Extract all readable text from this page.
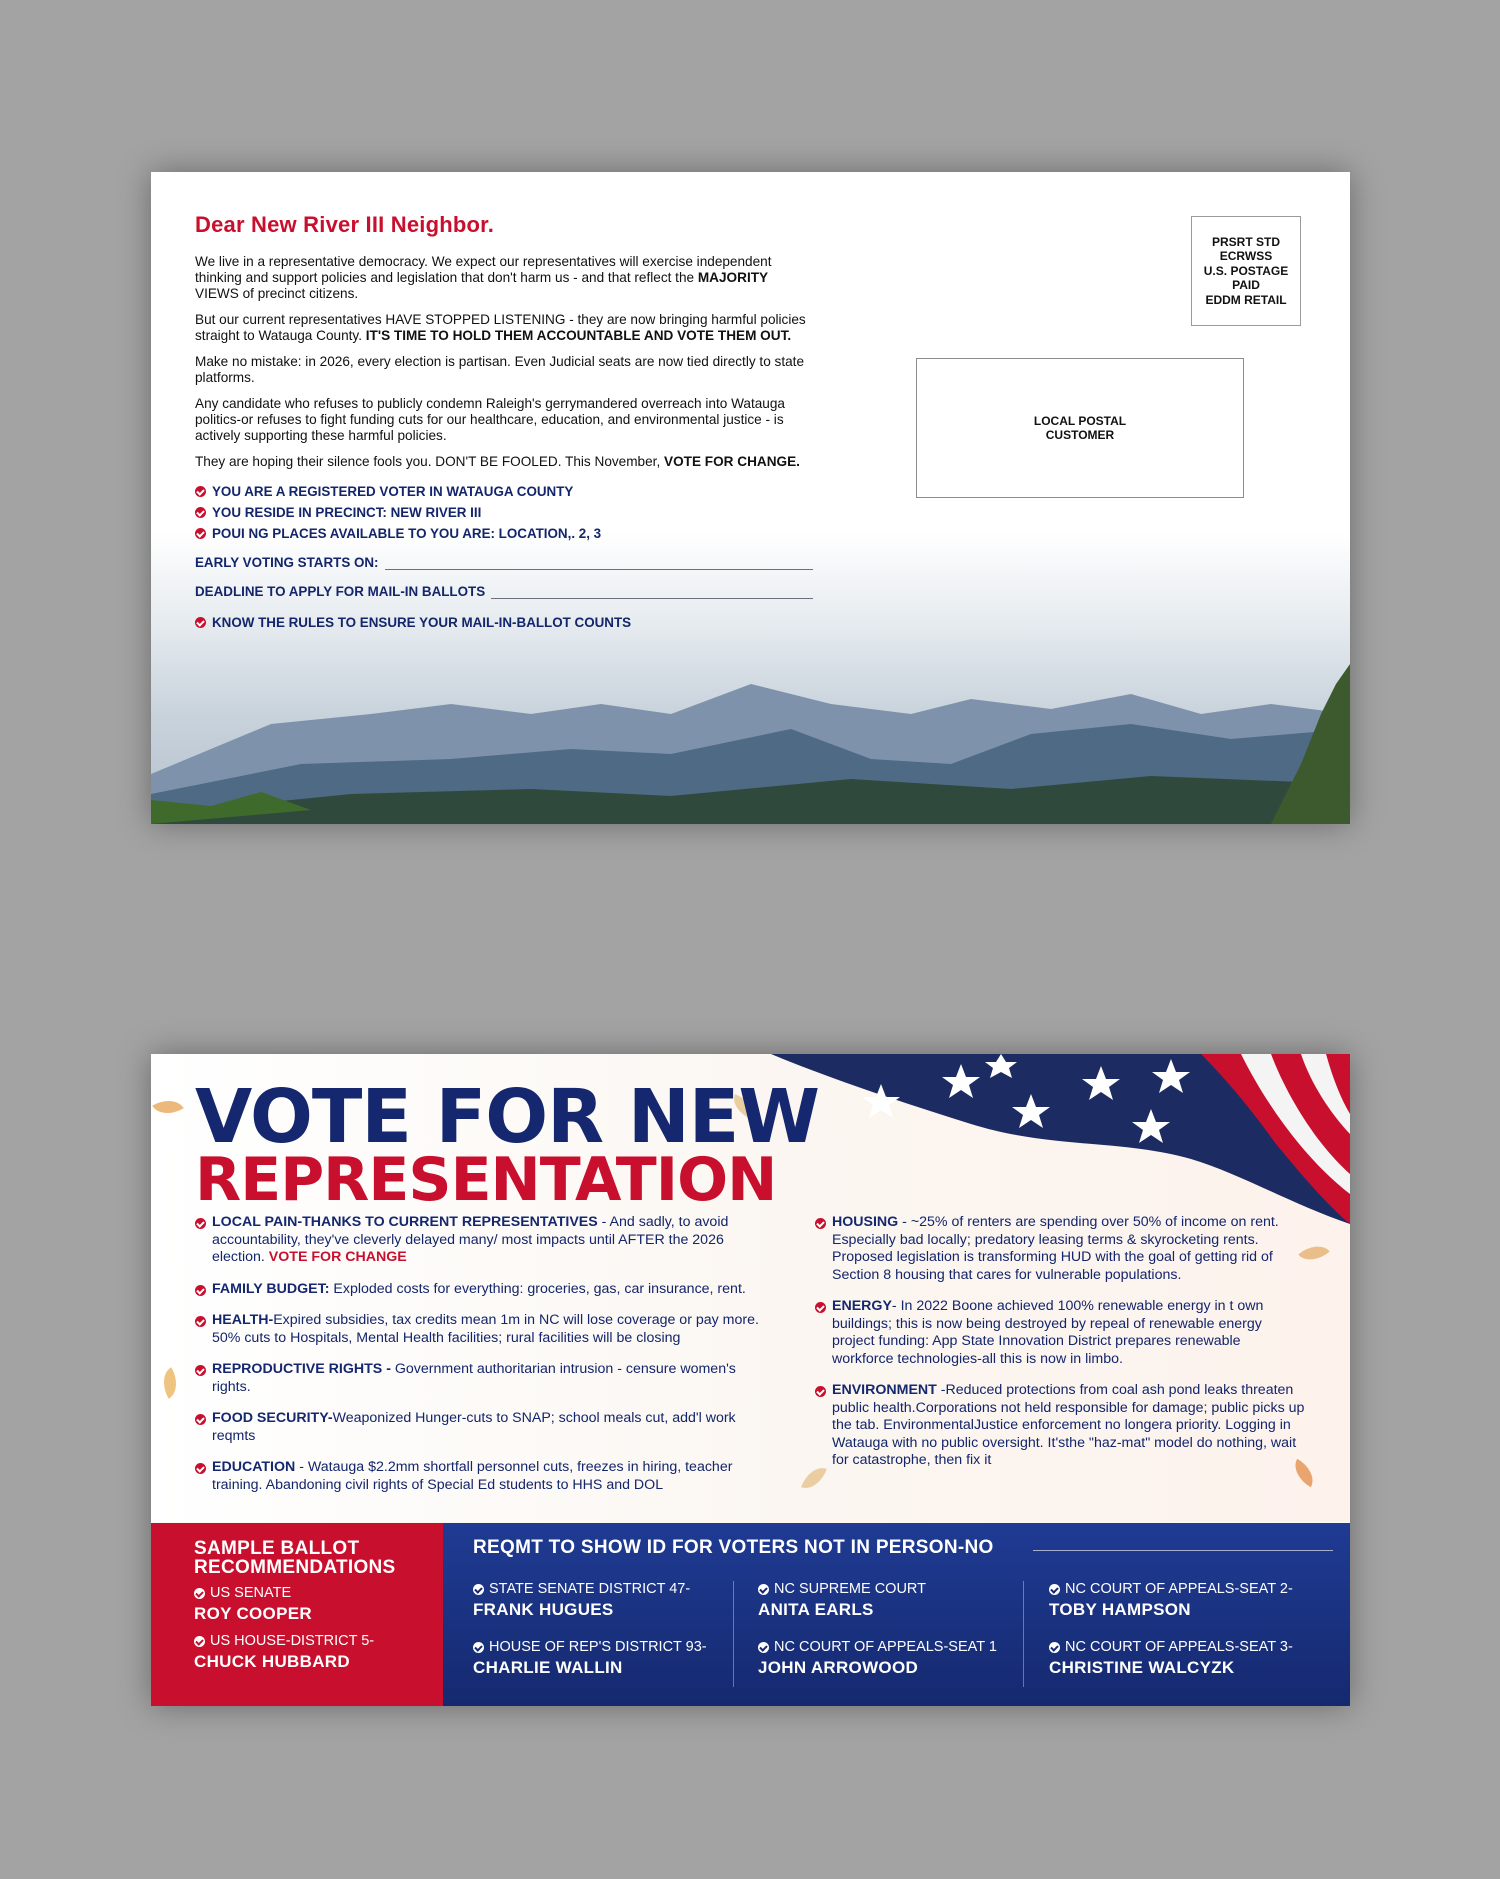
Dear New River III Neighbor.

We live in a representative democracy. We expect our representatives will exercise independent thinking and support policies and legislation that don't harm us - and that reflect the MAJORITY VIEWS of precinct citizens.

But our current representatives HAVE STOPPED LISTENING - they are now bringing harmful policies straight to Watauga County. IT'S TIME TO HOLD THEM ACCOUNTABLE AND VOTE THEM OUT.

Make no mistake: in 2026, every election is partisan. Even Judicial seats are now tied directly to state platforms.

Any candidate who refuses to publicly condemn Raleigh's gerrymandered overreach into Watauga politics-or refuses to fight funding cuts for our healthcare, education, and environmental justice - is actively supporting these harmful policies.

They are hoping their silence fools you. DON'T BE FOOLED. This November, VOTE FOR CHANGE.

YOU ARE A REGISTERED VOTER IN WATAUGA COUNTY
YOU RESIDE IN PRECINCT: NEW RIVER III
POUI NG PLACES AVAILABLE TO YOU ARE: LOCATION,. 2, 3
EARLY VOTING STARTS ON:
DEADLINE TO APPLY FOR MAIL-IN BALLOTS
KNOW THE RULES TO ENSURE YOUR MAIL-IN-BALLOT COUNTS
PRSRT STD
ECRWSS
U.S. POSTAGE
PAID
EDDM RETAIL
LOCAL POSTAL
CUSTOMER
VOTE FOR NEW
REPRESENTATION
LOCAL PAIN-THANKS TO CURRENT REPRESENTATIVES - And sadly, to avoid accountability, they've cleverly delayed many/ most impacts until AFTER the 2026 election. VOTE FOR CHANGE
FAMILY BUDGET: Exploded costs for everything: groceries, gas, car insurance, rent.
HEALTH-Expired subsidies, tax credits mean 1m in NC will lose coverage or pay more. 50% cuts to Hospitals, Mental Health facilities; rural facilities will be closing
REPRODUCTIVE RIGHTS - Government authoritarian intrusion - censure women's rights.
FOOD SECURITY-Weaponized Hunger-cuts to SNAP; school meals cut, add'l work reqmts
EDUCATION - Watauga $2.2mm shortfall personnel cuts, freezes in hiring, teacher training. Abandoning civil rights of Special Ed students to HHS and DOL
HOUSING - ~25% of renters are spending over 50% of income on rent. Especially bad locally; predatory leasing terms & skyrocketing rents. Proposed legislation is transforming HUD with the goal of getting rid of Section 8 housing that cares for vulnerable populations.
ENERGY- In 2022 Boone achieved 100% renewable energy in t own buildings; this is now being destroyed by repeal of renewable energy project funding: App State Innovation District prepares renewable workforce technologies-all this is now in limbo.
ENVIRONMENT -Reduced protections from coal ash pond leaks threaten public health.Corporations not held responsible for damage; public picks up the tab. EnvironmentalJustice enforcement no longera priority. Logging in Watauga with no public oversight. It'sthe "haz-mat" model do nothing, wait for catastrophe, then fix it
SAMPLE BALLOT
RECOMMENDATIONS
US SENATE
ROY COOPER
US HOUSE-DISTRICT 5-
CHUCK HUBBARD
REQMT TO SHOW ID FOR VOTERS NOT IN PERSON-NO
STATE SENATE DISTRICT 47-
FRANK HUGUES
HOUSE OF REP'S DISTRICT 93-
CHARLIE WALLIN
NC SUPREME COURT
ANITA EARLS
NC COURT OF APPEALS-SEAT 1
JOHN ARROWOOD
NC COURT OF APPEALS-SEAT 2-
TOBY HAMPSON
NC COURT OF APPEALS-SEAT 3-
CHRISTINE WALCYZK
